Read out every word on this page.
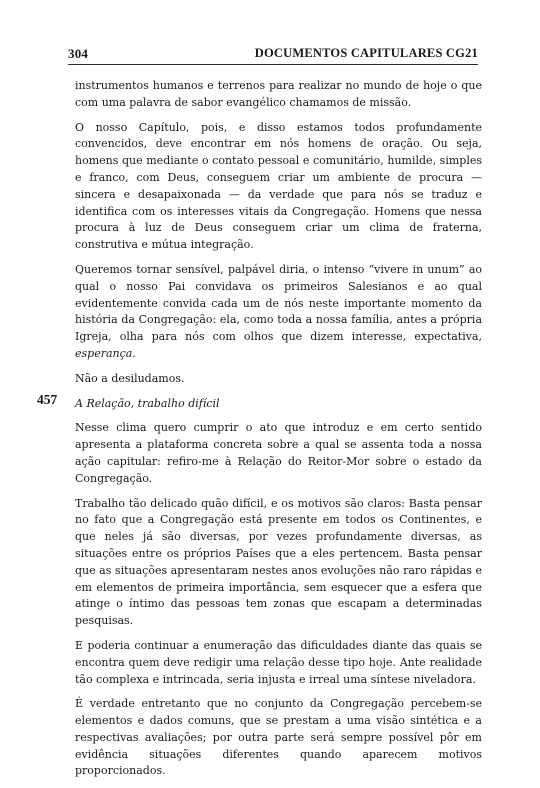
304	DOCUMENTOS CAPITULARES CG21
457

instrumentos humanos e terrenos para realizar no mundo de hoje o que com uma palavra de sabor evangélico chamamos de missão.

O nosso Capítulo, pois, e disso estamos todos profundamente convencidos, deve encontrar em nós homens de oração. Ou seja, homens que mediante o contato pessoal e comunitário, humilde, simples e franco, com Deus, conseguem criar um ambiente de procura — sincera e desapaixonada — da verdade que para nós se traduz e identifica com os interesses vitais da Congregação. Homens que nessa procura à luz de Deus conseguem criar um clima de fraterna, construtiva e mútua integração.

Queremos tornar sensível, palpável diria, o intenso “vivere in unum” ao qual o nosso Pai convidava os primeiros Salesianos e ao qual evidentemente convida cada um de nós neste importante momento da história da Congregação: ela, como toda a nossa família, antes a própria Igreja, olha para nós com olhos que dizem interesse, expectativa, esperança.

Não a desiludamos.

A Relação, trabalho difícil

Nesse clima quero cumprir o ato que introduz e em certo sentido apresenta a plataforma concreta sobre a qual se assenta toda a nossa ação capitular: refiro-me à Relação do Reitor-Mor sobre o estado da Congregação.

Trabalho tão delicado quão difícil, e os motivos são claros: Basta pensar no fato que a Congregação está presente em todos os Continentes, e que neles já são diversas, por vezes profundamente diversas, as situações entre os próprios Países que a eles pertencem. Basta pensar que as situações apresentaram nestes anos evoluções não raro rápidas e em elementos de primeira importância, sem esquecer que a esfera que atinge o íntimo das pessoas tem zonas que escapam a determinadas pesquisas.

E poderia continuar a enumeração das dificuldades diante das quais se encontra quem deve redigir uma relação desse tipo hoje. Ante realidade tão complexa e intrincada, seria injusta e irreal uma síntese niveladora.

É verdade entretanto que no conjunto da Congregação percebem-se elementos e dados comuns, que se prestam a uma visão sintética e a respectivas avaliações; por outra parte será sempre possível pôr em evidência situações diferentes quando aparecem motivos proporcionados.
